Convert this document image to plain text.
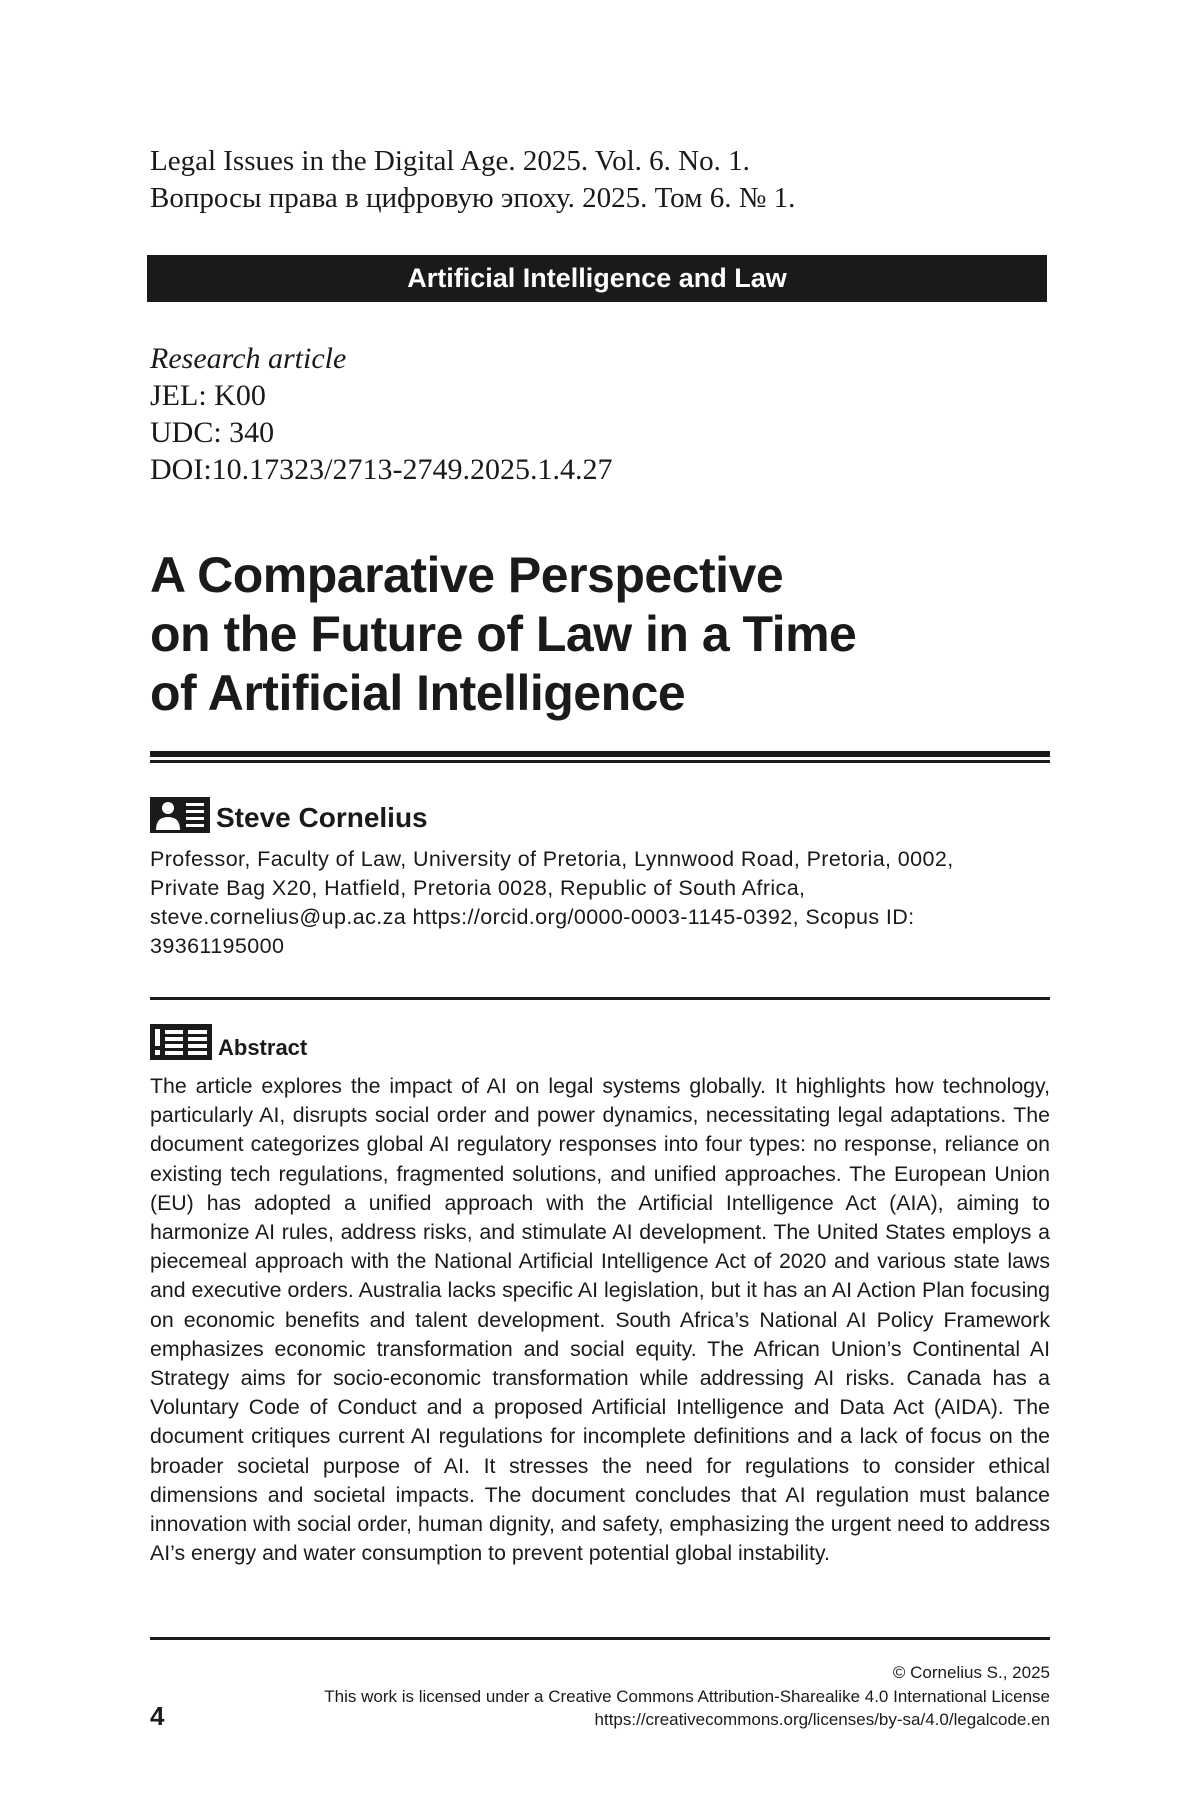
Legal Issues in the Digital Age. 2025. Vol. 6. No. 1.
Вопросы права в цифровую эпоху. 2025. Том 6. № 1.
Artificial Intelligence and Law
Research article
JEL: K00
UDC: 340
DOI:10.17323/2713-2749.2025.1.4.27
A Comparative Perspective
on the Future of Law in a Time
of Artificial Intelligence
Steve Cornelius
Professor, Faculty of Law, University of Pretoria, Lynnwood Road, Pretoria, 0002,
Private Bag X20, Hatfield, Pretoria 0028, Republic of South Africa,
steve.cornelius@up.ac.za https://orcid.org/0000-0003-1145-0392, Scopus ID:
39361195000
Abstract
The article explores the impact of AI on legal systems globally. It highlights how technology, particularly AI, disrupts social order and power dynamics, necessitating legal adaptations. The document categorizes global AI regulatory responses into four types: no response, reliance on existing tech regulations, fragmented solutions, and unified approaches. The European Union (EU) has adopted a unified approach with the Artificial Intelligence Act (AIA), aiming to harmonize AI rules, address risks, and stimulate AI development. The United States employs a piecemeal approach with the National Artificial Intelligence Act of 2020 and various state laws and executive orders. Australia lacks specific AI legislation, but it has an AI Action Plan focusing on economic benefits and talent development. South Africa’s National AI Policy Framework emphasizes economic transformation and social equity. The African Union’s Continental AI Strategy aims for socio-economic transformation while addressing AI risks. Canada has a Voluntary Code of Conduct and a proposed Artificial Intelligence and Data Act (AIDA). The document critiques current AI regulations for incomplete definitions and a lack of focus on the broader societal purpose of AI. It stresses the need for regulations to consider ethical dimensions and societal impacts. The document concludes that AI regulation must balance innovation with social order, human dignity, and safety, emphasizing the urgent need to address AI’s energy and water consumption to prevent potential global instability.
© Cornelius S., 2025
This work is licensed under a Creative Commons Attribution-Sharealike 4.0 International License
https://creativecommons.org/licenses/by-sa/4.0/legalcode.en
4
